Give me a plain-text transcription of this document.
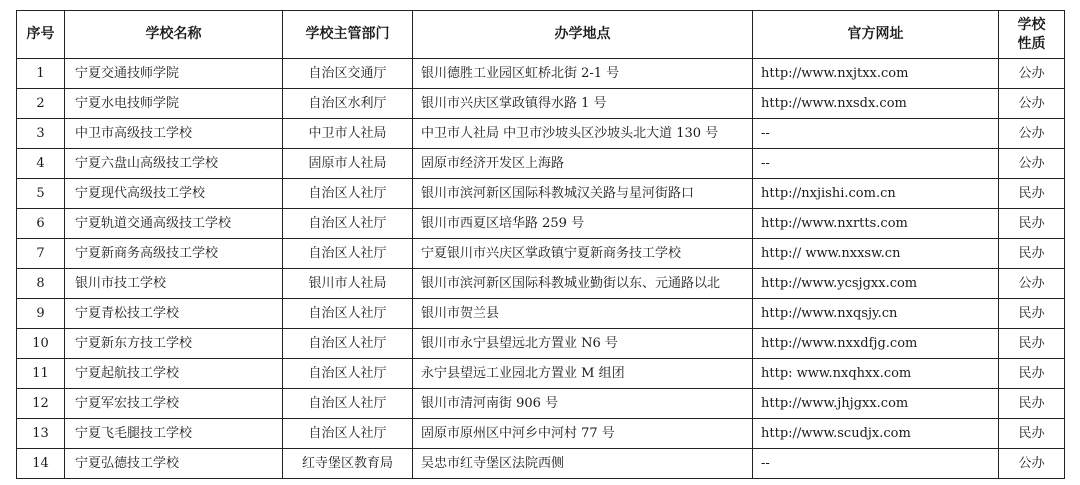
序号	学校名称	学校主管部门	办学地点	官方网址	学校
性质
1	宁夏交通技师学院	自治区交通厅	银川德胜工业园区虹桥北街 2-1 号	http://www.nxjtxx.com	公办
2	宁夏水电技师学院	自治区水利厅	银川市兴庆区掌政镇得水路 1 号	http://www.nxsdx.com	公办
3	中卫市高级技工学校	中卫市人社局	中卫市人社局 中卫市沙坡头区沙坡头北大道 130 号	--	公办
4	宁夏六盘山高级技工学校	固原市人社局	固原市经济开发区上海路	--	公办
5	宁夏现代高级技工学校	自治区人社厅	银川市滨河新区国际科教城汉关路与星河街路口	http://nxjishi.com.cn	民办
6	宁夏轨道交通高级技工学校	自治区人社厅	银川市西夏区培华路 259 号	http://www.nxrtts.com	民办
7	宁夏新商务高级技工学校	自治区人社厅	宁夏银川市兴庆区掌政镇宁夏新商务技工学校	http:// www.nxxsw.cn	民办
8	银川市技工学校	银川市人社局	银川市滨河新区国际科教城业勤街以东、元通路以北	http://www.ycsjgxx.com	公办
9	宁夏青松技工学校	自治区人社厅	银川市贺兰县	http://www.nxqsjy.cn	民办
10	宁夏新东方技工学校	自治区人社厅	银川市永宁县望远北方置业 N6 号	http://www.nxxdfjg.com	民办
11	宁夏起航技工学校	自治区人社厅	永宁县望远工业园北方置业 M 组团	http: www.nxqhxx.com	民办
12	宁夏军宏技工学校	自治区人社厅	银川市清河南街 906 号	http://www.jhjgxx.com	民办
13	宁夏飞毛腿技工学校	自治区人社厅	固原市原州区中河乡中河村 77 号	http://www.scudjx.com	民办
14	宁夏弘德技工学校	红寺堡区教育局	吴忠市红寺堡区法院西侧	--	公办
